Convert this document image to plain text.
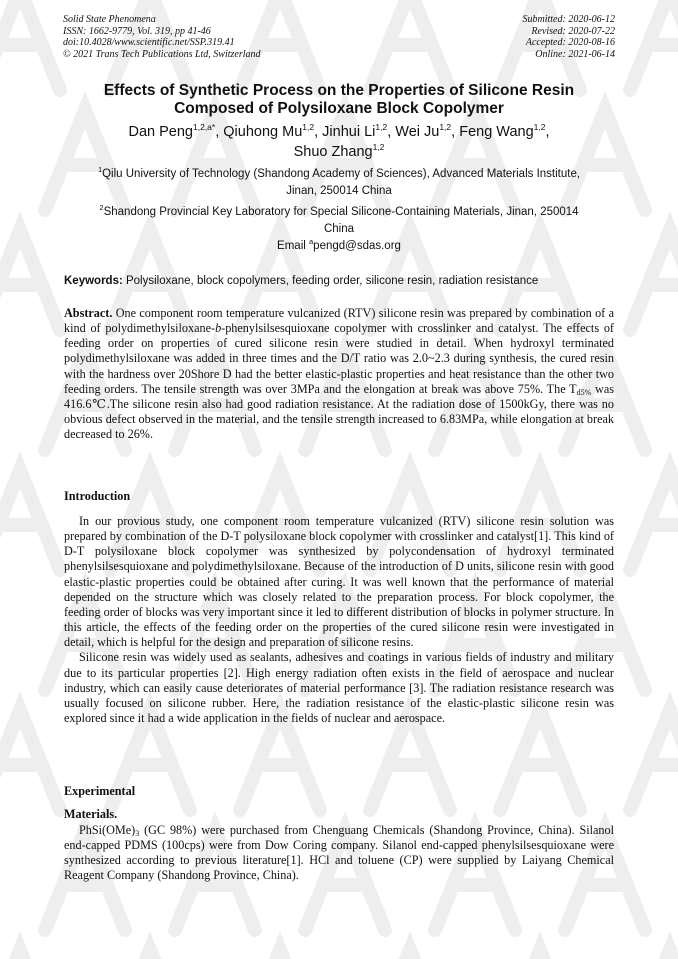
Solid State Phenomena
ISSN: 1662-9779, Vol. 319, pp 41-46
doi:10.4028/www.scientific.net/SSP.319.41
© 2021 Trans Tech Publications Ltd, Switzerland
Submitted: 2020-06-12
Revised: 2020-07-22
Accepted: 2020-08-16
Online: 2021-06-14
Effects of Synthetic Process on the Properties of Silicone Resin
Composed of Polysiloxane Block Copolymer
Dan Peng$^{1,2,a*}$, Qiuhong Mu$^{1,2}$, Jinhui Li$^{1,2}$, Wei Ju$^{1,2}$, Feng Wang$^{1,2}$,
Shuo Zhang$^{1,2}$
$^1$Qilu University of Technology (Shandong Academy of Sciences), Advanced Materials Institute,
Jinan, 250014 China
$^2$Shandong Provincial Key Laboratory for Special Silicone-Containing Materials, Jinan, 250014
China
Email $^a$pengd@sdas.org
Keywords: Polysiloxane, block copolymers, feeding order, silicone resin, radiation resistance
Abstract. One component room temperature vulcanized (RTV) silicone resin was prepared by combination of a kind of polydimethylsiloxane-b-phenylsilsesquioxane copolymer with crosslinker and catalyst. The effects of feeding order on properties of cured silicone resin were studied in detail. When hydroxyl terminated polydimethylsiloxane was added in three times and the D/T ratio was 2.0~2.3 during synthesis, the cured resin with the hardness over 20Shore D had the better elastic-plastic properties and heat resistance than the other two feeding orders. The tensile strength was over 3MPa and the elongation at break was above 75%. The $T_{d5\%}$ was 416.6℃.The silicone resin also had good radiation resistance. At the radiation dose of 1500kGy, there was no obvious defect observed in the material, and the tensile strength increased to 6.83MPa, while elongation at break decreased to 26%.
Introduction

In our provious study, one component room temperature vulcanized (RTV) silicone resin solution was prepared by combination of the D-T polysiloxane block copolymer with crosslinker and catalyst[1]. This kind of D-T polysiloxane block copolymer was synthesized by polycondensation of hydroxyl terminated phenylsilsesquioxane and polydimethylsiloxane. Because of the introduction of D units, silicone resin with good elastic-plastic properties could be obtained after curing. It was well known that the performance of material depended on the structure which was closely related to the preparation process. For block copolymer, the feeding order of blocks was very important since it led to different distribution of blocks in polymer structure. In this article, the effects of the feeding order on the properties of the cured silicone resin were investigated in detail, which is helpful for the design and preparation of silicone resins.

Silicone resin was widely used as sealants, adhesives and coatings in various fields of industry and military due to its particular properties [2]. High energy radiation often exists in the field of aerospace and nuclear industry, which can easily cause deteriorates of material performance [3]. The radiation resistance research was usually focused on silicone rubber. Here, the radiation resistance of the elastic-plastic silicone resin was explored since it had a wide application in the fields of nuclear and aerospace.

Experimental
Materials.

$PhSi(OMe)_3$ (GC 98%) were purchased from Chenguang Chemicals (Shandong Province, China). Silanol end-capped PDMS (100cps) were from Dow Coring company. Silanol end-capped phenylsilsesquioxane were synthesized according to previous literature[1]. HCl and toluene (CP) were supplied by Laiyang Chemical Reagent Company (Shandong Province, China).
